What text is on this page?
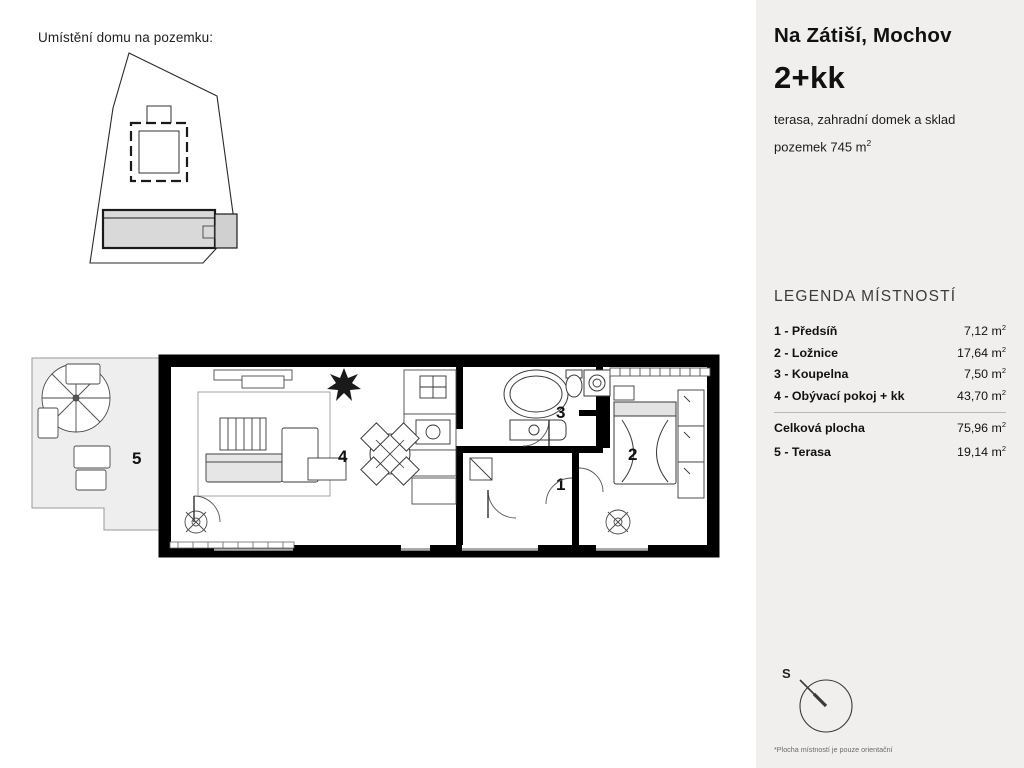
Umístění domu na pozemku:
5	4
3
1
2
Na Zátiší, Mochov
2+kk
terasa, zahradní domek a sklad
pozemek 745 $m^2$
LEGENDA MÍSTNOSTÍ
1 - Předsíň	7,12 $m^2$
2 - Ložnice	17,64 $m^2$
3 - Koupelna	7,50 $m^2$
4 - Obývací pokoj + kk	43,70 $m^2$
Celková plocha	75,96 $m^2$
5 - Terasa	19,14 $m^2$
S
*Plocha místností je pouze orientační
